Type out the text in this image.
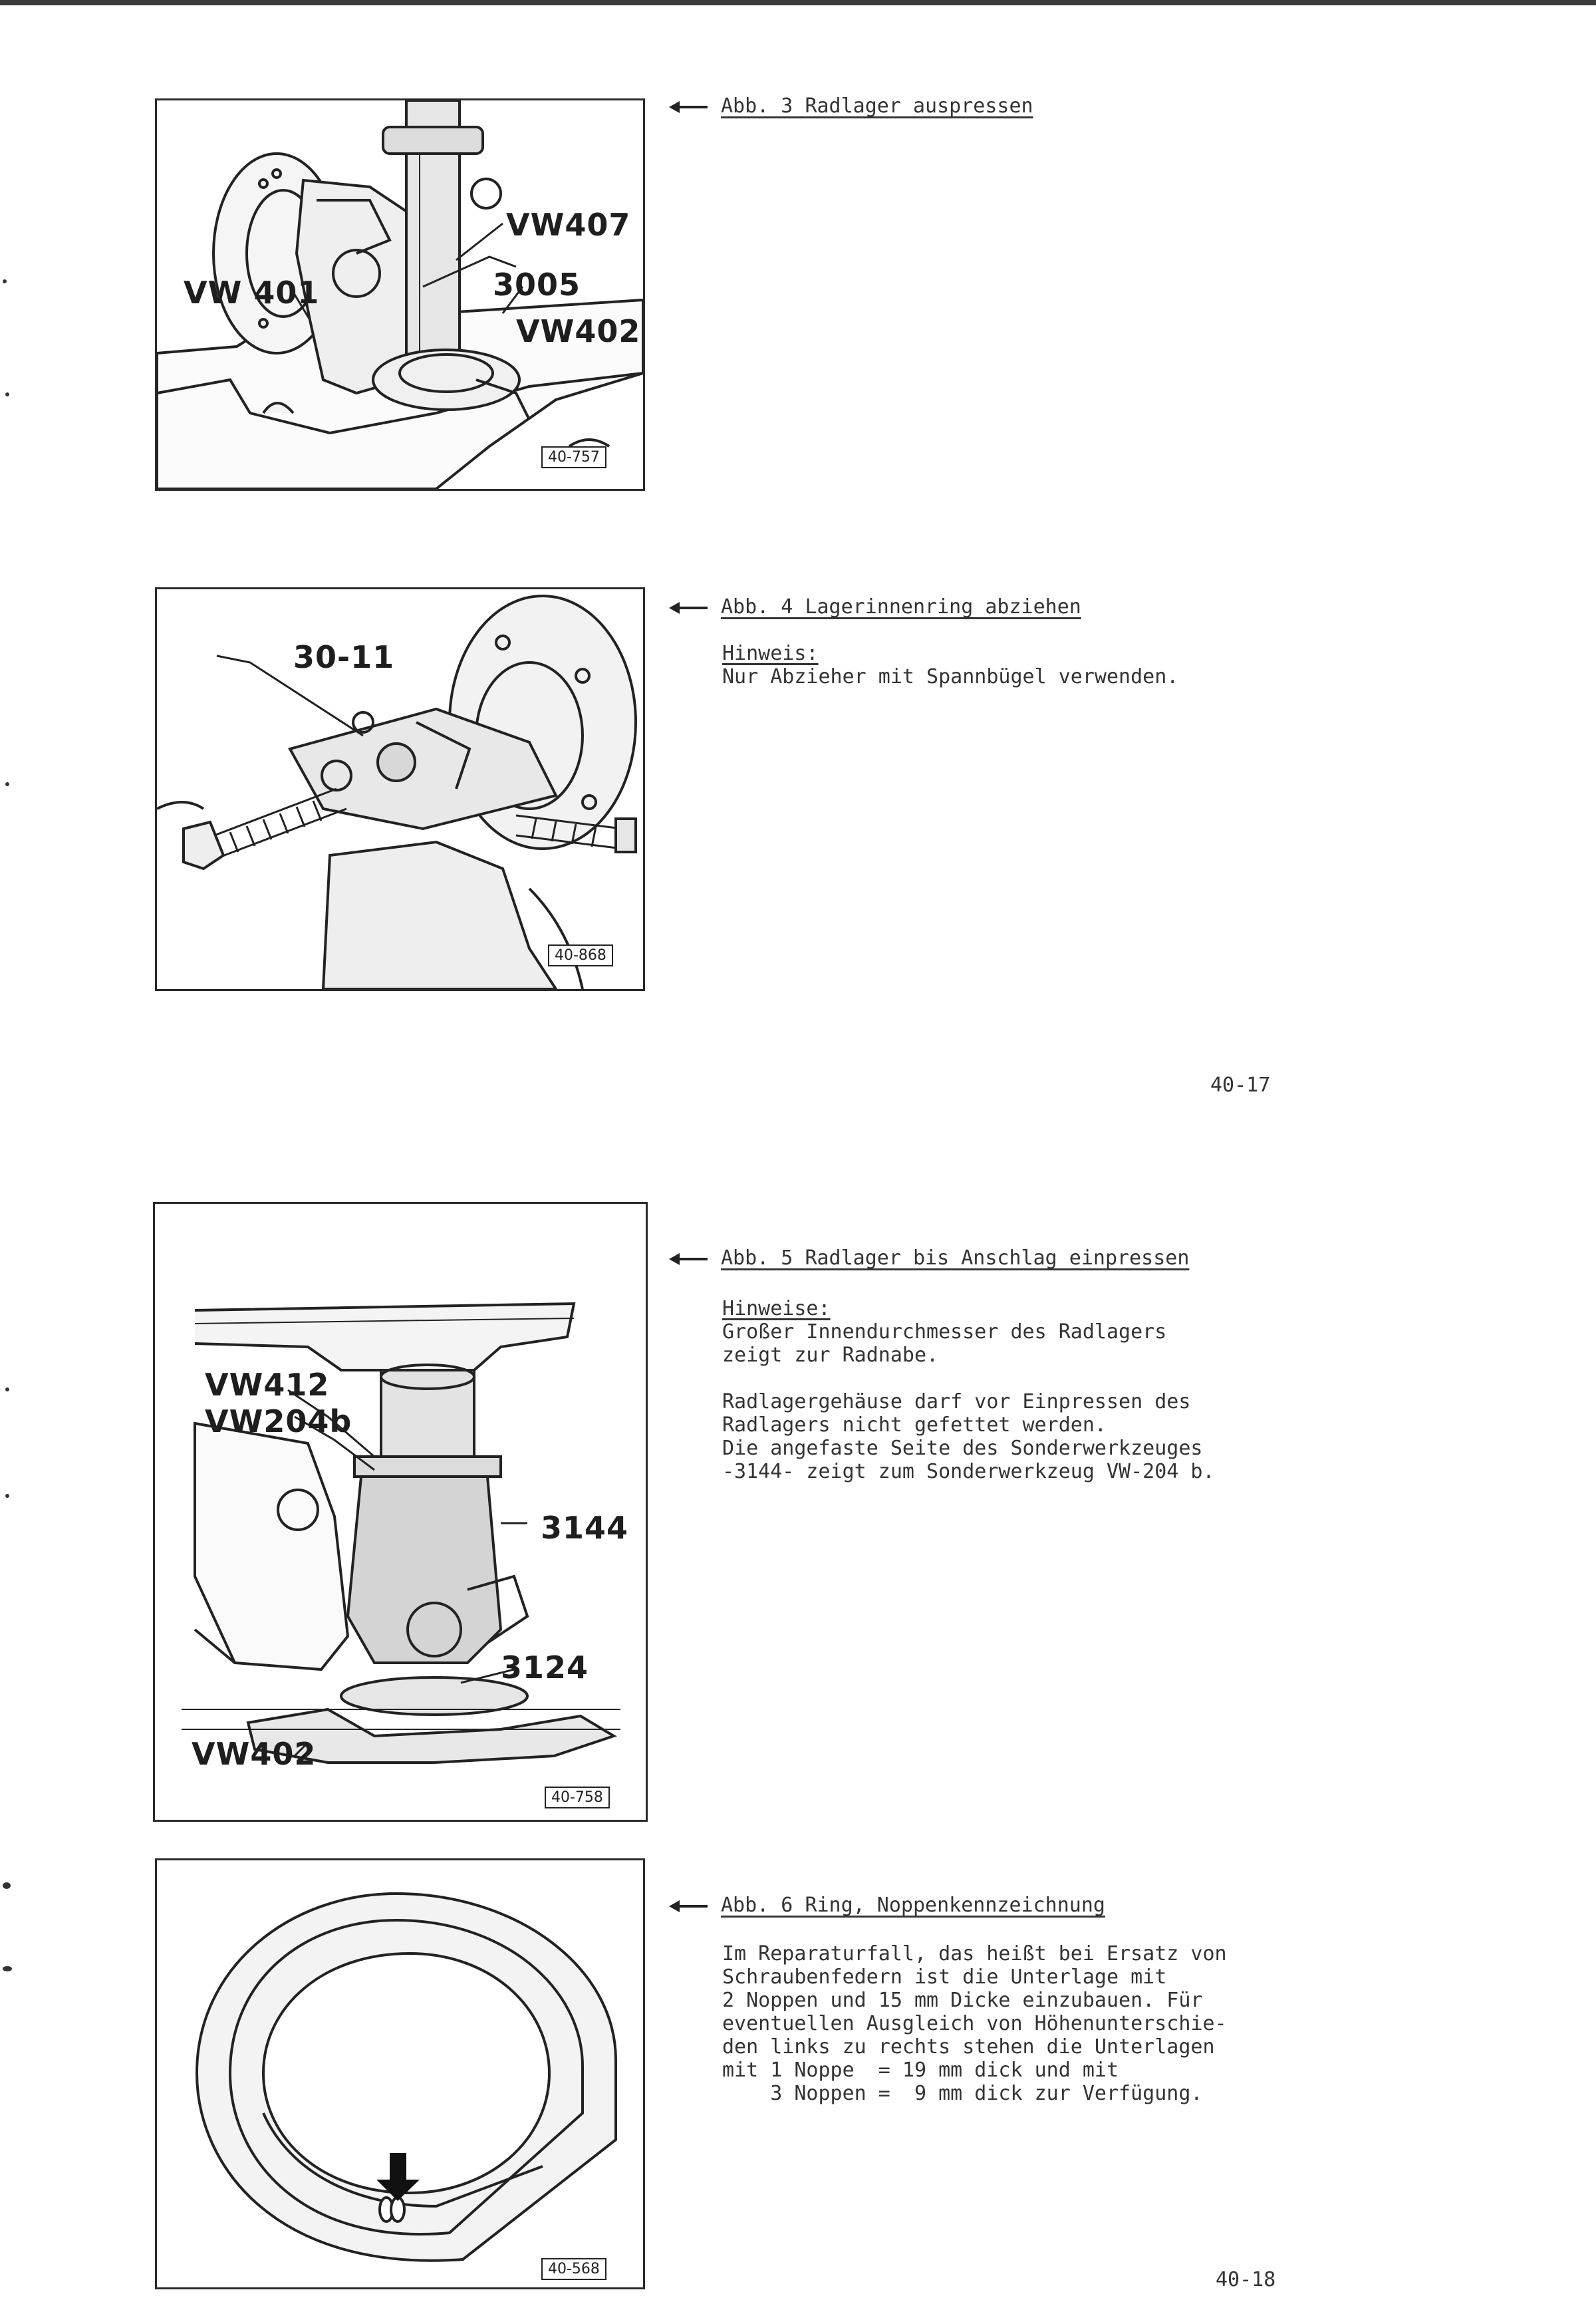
VW 401
VW407
3005
VW402
40-757
Abb. 3 Radlager auspressen
30-11
40-868
Abb. 4 Lagerinnenring abziehen
Hinweis:
Nur Abzieher mit Spannbügel verwenden.
40-17
VW412
VW204b
3144
3124
VW402
40-758
Abb. 5 Radlager bis Anschlag einpressen
Hinweise:
Großer Innendurchmesser des Radlagers
zeigt zur Radnabe.

Radlagergehäuse darf vor Einpressen des
Radlagers nicht gefettet werden.
Die angefaste Seite des Sonderwerkzeuges
-3144- zeigt zum Sonderwerkzeug VW-204 b.
40-568
Abb. 6 Ring, Noppenkennzeichnung
Im Reparaturfall, das heißt bei Ersatz von
Schraubenfedern ist die Unterlage mit
2 Noppen und 15 mm Dicke einzubauen. Für
eventuellen Ausgleich von Höhenunterschie-
den links zu rechts stehen die Unterlagen
mit 1 Noppe  = 19 mm dick und mit
3 Noppen =  9 mm dick zur Verfügung.
40-18
